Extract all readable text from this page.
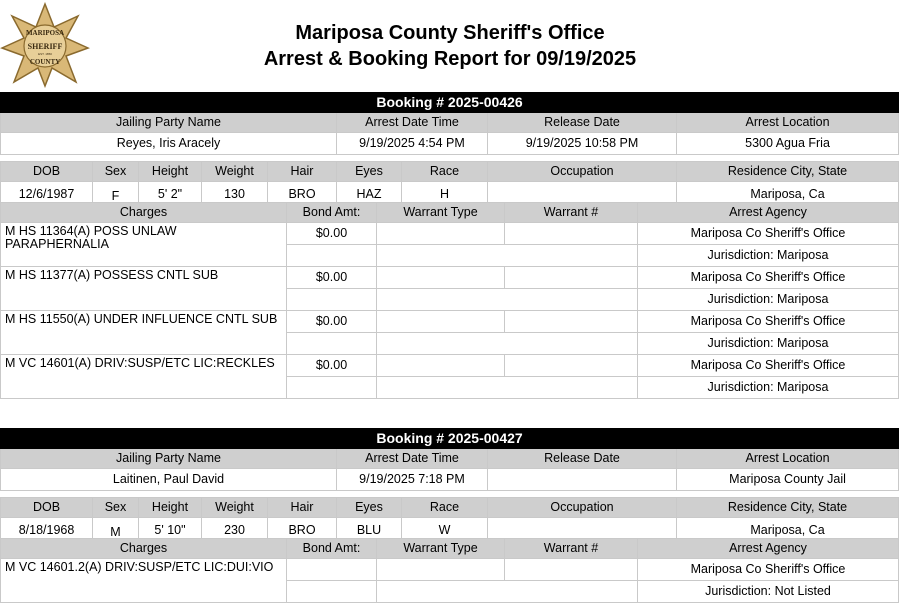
MARIPOSA
SHERIFF
EST. 1850
COUNTY
Mariposa County Sheriff's Office
Arrest & Booking Report for 09/19/2025
Booking # 2025-00426			
Jailing Party Name	Arrest Date Time	Release Date	Arrest Location
Reyes, Iris Aracely	9/19/2025 4:54 PM	9/19/2025 10:58 PM	5300 Agua Fria
DOB	Sex	Height	Weight	Hair	Eyes	Race	Occupation	Residence City, State
12/6/1987	F	5' 2"	130	BRO	HAZ	H		Mariposa, Ca
Charges	Bond Amt:	Warrant Type	Warrant #	Arrest Agency
M HS 11364(A) POSS UNLAW PARAPHERNALIA	$0.00			Mariposa Co Sheriff's Office
				Jurisdiction: Mariposa
M HS 11377(A) POSSESS CNTL SUB	$0.00			Mariposa Co Sheriff's Office
				Jurisdiction: Mariposa
M HS 11550(A) UNDER INFLUENCE CNTL SUB	$0.00			Mariposa Co Sheriff's Office
				Jurisdiction: Mariposa
M VC 14601(A) DRIV:SUSP/ETC LIC:RECKLES	$0.00			Mariposa Co Sheriff's Office
				Jurisdiction: Mariposa
Booking # 2025-00427			
Jailing Party Name	Arrest Date Time	Release Date	Arrest Location
Laitinen, Paul David	9/19/2025 7:18 PM		Mariposa County Jail
DOB	Sex	Height	Weight	Hair	Eyes	Race	Occupation	Residence City, State
8/18/1968	M	5' 10"	230	BRO	BLU	W		Mariposa, Ca
Charges	Bond Amt:	Warrant Type	Warrant #	Arrest Agency
M VC 14601.2(A) DRIV:SUSP/ETC LIC:DUI:VIO				Mariposa Co Sheriff's Office
				Jurisdiction: Not Listed
